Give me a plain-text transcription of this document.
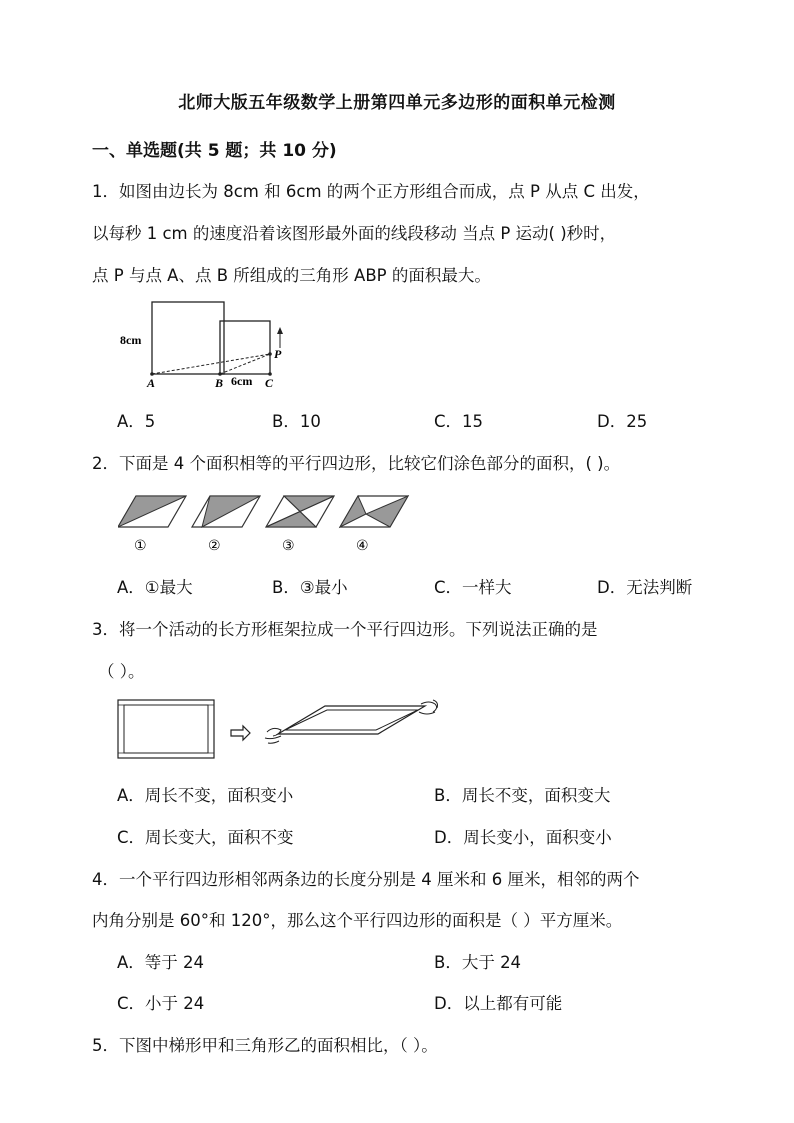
北师大版五年级数学上册第四单元多边形的面积单元检测
一、单选题(共 5 题；共 10 分)
1．如图由边长为 8cm 和 6cm 的两个正方形组合而成，点 P 从点 C 出发，
以每秒 1 cm 的速度沿着该图形最外面的线段移动 当点 P 运动( )秒时，
点 P 与点 A、点 B 所组成的三角形 ABP 的面积最大。
8cm
A	B 6cm C
P
A．5	B．10	C．15	D．25
2．下面是 4 个面积相等的平行四边形，比较它们涂色部分的面积，( )。
①	②	③	④
A．①最大	B．③最小	C．一样大	D．无法判断
3．将一个活动的长方形框架拉成一个平行四边形。下列说法正确的是
（ ）。
A．周长不变，面积变小	B．周长不变，面积变大
C．周长变大，面积不变	D．周长变小，面积变小
4．一个平行四边形相邻两条边的长度分别是 4 厘米和 6 厘米，相邻的两个
内角分别是 60°和 120°，那么这个平行四边形的面积是（ ）平方厘米。
A．等于 24	B．大于 24
C．小于 24	D．以上都有可能
5．下图中梯形甲和三角形乙的面积相比，（ ）。
